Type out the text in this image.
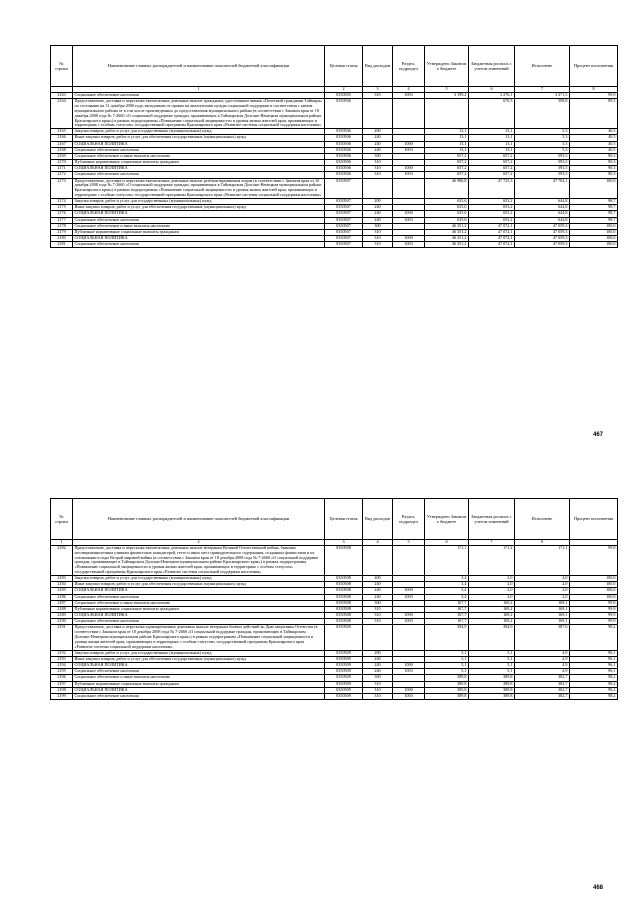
№ строки	Наименование главных распорядителей и наименование показателей бюджетной классификации	Целевая статья	Вид расходов	Раздел, подраздел	Утверждено Законом о бюджете	Бюджетная роспись с учетом изменений	Исполнено	Процент исполнения
	1	2	3	4	5	6	7	8
2163	Социальное обеспечение населения	0350505	310	1003	3 199,2	3 276,1	3 271,5	99,9
2164	Предоставление, доставка и пересылка ежемесячных денежных выплат гражданам, удостоенным звания «Почетный гражданин Таймыра» по состоянию на 31 декабря 2006 года, вкладчикам от правил на аналогичные нужды социальной поддержки в соответствии с кимом муниципального района от в том числе произведенных до предоставления муниципального района (в соответствии с Законом края от 18 декабря 2008 года № 7-2660 «О социальной поддержке граждан, проживающих в Таймырском Долгано-Ненецком муниципальном районе Красноярского края») в рамках подпрограммы «Повышение социальной защищенности и уровня жизни жителей края, проживающих в территориях с особым статусом» государственной программы Красноярского края «Развитие системы социальной поддержки населения»	0350506				670,3	598,8	89,3
2165	Закупка товаров, работ и услуг для государственных (муниципальных) нужд	0350506	200		13,1	13,1	5,3	40,5
2166	Иные закупки товаров, работ и услуг для обеспечения государственных (муниципальных) нужд	0350506	240		13,1	13,1	5,3	40,5
2167	СОЦИАЛЬНАЯ ПОЛИТИКА	0350506	240	1000	13,1	13,1	5,3	40,5
2168	Социальное обеспечение населения	0350506	240	1003	13,1	13,1	5,3	40,5
2169	Социальное обеспечение и иные выплаты населению	0350506	300		657,2	657,2	593,5	90,3
2170	Публичные нормативные социальные выплаты гражданам	0350506	310		657,2	657,2	593,5	90,3
2171	СОЦИАЛЬНАЯ ПОЛИТИКА	0350506	310	1000	657,2	657,2	593,5	90,3
2172	Социальное обеспечение населения	0350506	310	1003	657,2	657,2	593,5	90,3
2173	Предоставление, доставка и пересылка ежемесячных денежных выплат реабилитированным лицам (в соответствии с Законом края от 10 декабря 2008 года № 7-2660 «О социальной поддержке граждан, проживающих в Таймырском Долгано-Ненецком муниципальном районе Красноярского края») в рамках подпрограммы «Повышение социальной защищенности и уровня жизни жителей края, проживающих в территориях с особым статусом» государственной программы Красноярского края «Развитие системы социальной поддержки населения»	0350507			46 986,8	47 725,3	47 704,1	100,0
2174	Закупка товаров, работ и услуг для государственных (муниципальных) нужд	0350507	200		635,6	653,2	644,8	98,7
2175	Иные закупки товаров, работ и услуг для обеспечения государственных (муниципальных) нужд	0350507	240		635,6	653,2	644,8	98,7
2176	СОЦИАЛЬНАЯ ПОЛИТИКА	0350507	240	1000	635,6	653,2	644,8	98,7
2177	Социальное обеспечение населения	0350507	240	1003	635,6	653,2	644,8	98,7
2178	Социальное обеспечение и иные выплаты населению	0350507	300		46 351,2	47 072,1	47 059,3	100,0
2179	Публичные нормативные социальные выплаты гражданам	0350507	310		46 351,2	47 072,1	47 059,3	100,0
2180	СОЦИАЛЬНАЯ ПОЛИТИКА	0350507	310	1000	46 351,2	47 072,1	47 059,3	100,0
2181	Социальное обеспечение населения	0350507	310	1003	46 351,2	47 072,1	47 059,3	100,0
467
№ строки	Наименование главных распорядителей и наименование показателей бюджетной классификации	Целевая статья	Вид расходов	Раздел, подраздел	Утверждено Законом о бюджете	Бюджетная роспись с учетом изменений	Исполнено	Процент исполнения
1	2	3	4	5	6	7	8	
2182	Предоставление, доставка и пересылка ежемесячных денежных выплат ветеранам Великой Отечественной войны, бывшим несовершеннолетним узникам фашистских концлагерей, гетто и иных мест принудительного содержания, созданных фашистами и их союзниками в годы Второй мировой войны (в соответствии с Законом края от 18 декабря 2008 года № 7-2660 «О социальной поддержке граждан, проживающих в Таймырском Долгано-Ненецком муниципальном районе Красноярского края») в рамках подпрограммы «Повышение социальной защищенности и уровня жизни жителей края, проживающих в территориях с особым статусом» государственной программы Красноярского края «Развитие системы социальной поддержки населения»	0350508			171,1	171,2	171,1	99,9
2183	Закупка товаров, работ и услуг для государственных (муниципальных) нужд	0350508	200		3,4	2,0	2,0	100,0
2184	Иные закупки товаров, работ и услуг для обеспечения государственных (муниципальных) нужд	0350508	240		3,4	2,0	2,0	100,0
2185	СОЦИАЛЬНАЯ ПОЛИТИКА	0350508	240	1000	3,4	2,0	2,0	100,0
2186	Социальное обеспечение населения	0350508	240	1003	3,4	2,0	2,0	100,0
2187	Социальное обеспечение и иные выплаты населению	0350508	300		167,7	169,2	169,1	99,9
2188	Публичные нормативные социальные выплаты гражданам	0350508	310		167,7	169,2	169,1	99,9
2189	СОЦИАЛЬНАЯ ПОЛИТИКА	0350508	310	1000	167,7	169,2	169,1	99,9
2190	Социальное обеспечение населения	0350508	310	1003	167,7	169,2	169,1	99,9
2191	Предоставление, доставка и пересылка единовременных денежных выплат ветеранам боевых действий ко Дню защитника Отечества (в соответствии с Законом края от 18 декабря 2008 года № 7-2660 «О социальной поддержке граждан, проживающих в Таймырском Долгано-Ненецком муниципальном районе Красноярского края») в рамках подпрограммы «Повышение социальной защищенности и уровня жизни жителей края, проживающих в территориях с особым статусом» государственной программы Красноярского края «Развитие системы социальной поддержки населения»	0350509			394,9	394,9	387,6	98,2
2192	Закупка товаров, работ и услуг для государственных (муниципальных) нужд	0350509	200		5,1	5,1	4,9	96,1
2193	Иные закупки товаров, работ и услуг для обеспечения государственных (муниципальных) нужд	0350509	240		5,1	5,1	4,9	96,1
2194	СОЦИАЛЬНАЯ ПОЛИТИКА	0350509	240	1000	5,1	5,1	4,9	96,1
2195	Социальное обеспечение населения	0350509	240	1003	5,1	5,1	4,9	96,1
2196	Социальное обеспечение и иные выплаты населению	0350509	300		389,8	389,8	382,7	98,2
2197	Публичные нормативные социальные выплаты гражданам	0350509	310		389,8	389,8	382,7	98,2
2198	СОЦИАЛЬНАЯ ПОЛИТИКА	0350509	310	1000	389,8	389,8	382,7	98,2
2199	Социальное обеспечение населения	0350509	310	1003	389,8	389,8	382,7	98,2
468
